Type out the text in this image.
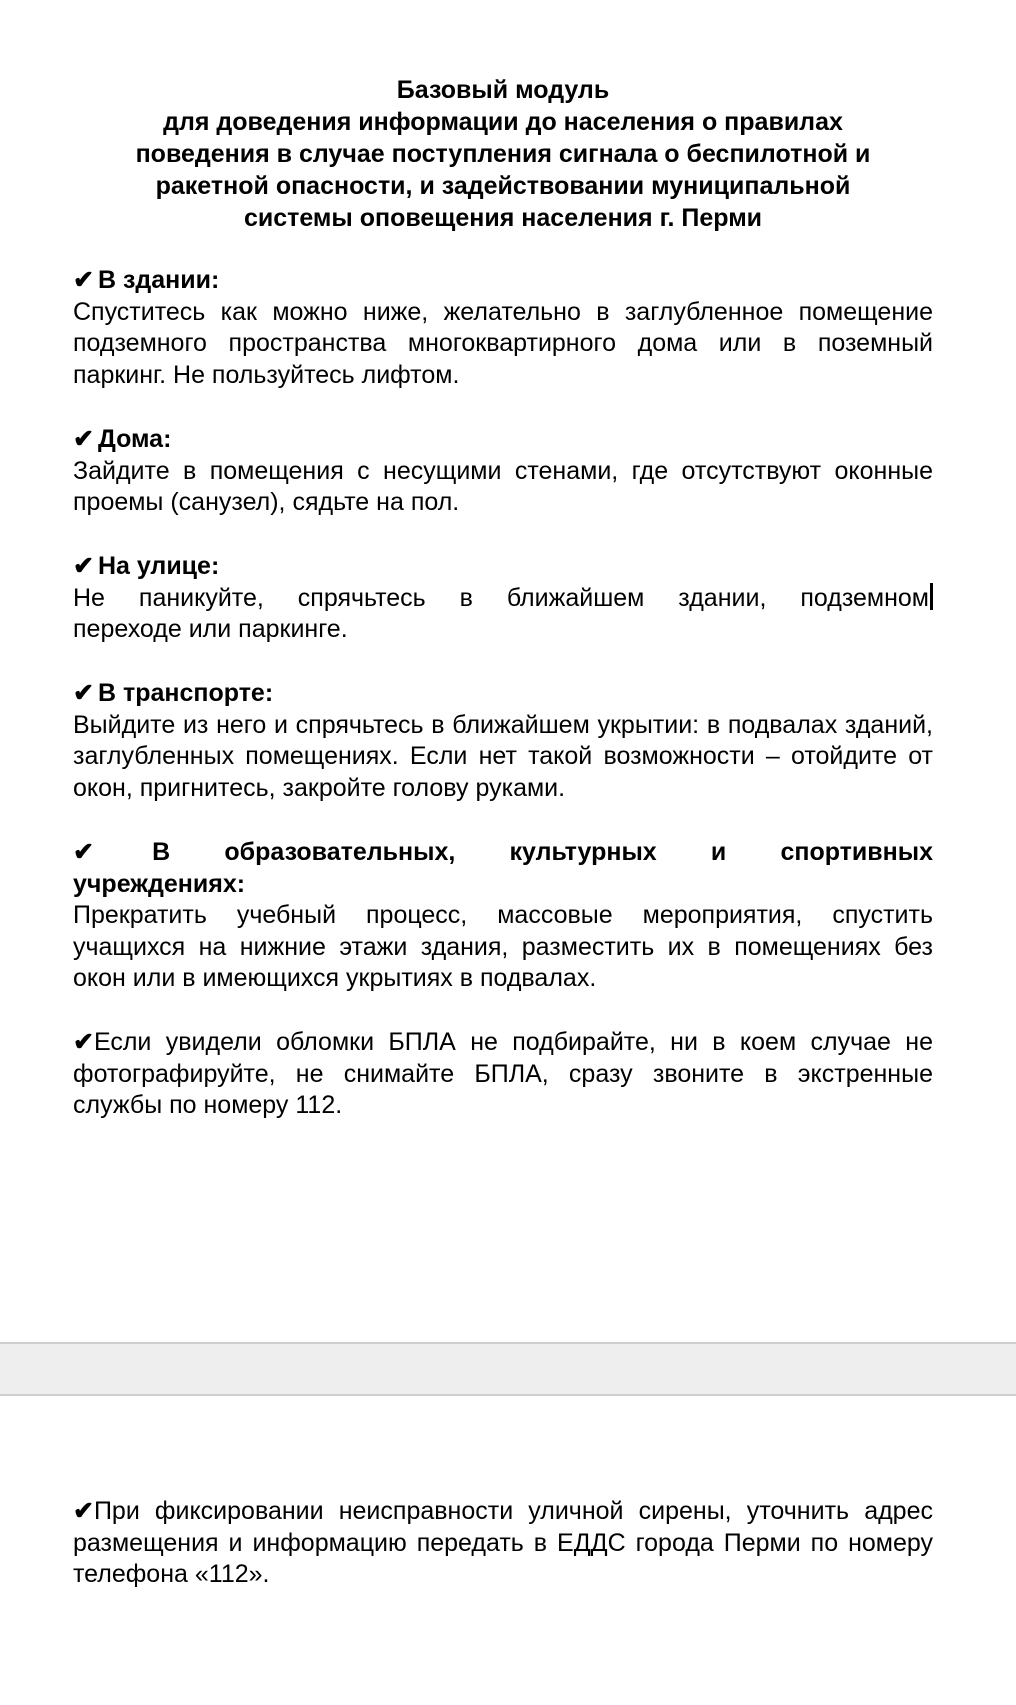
Базовый модуль
для доведения информации до населения о правилах
поведения в случае поступления сигнала о беспилотной и
ракетной опасности, и задействовании муниципальной
системы оповещения населения г. Перми
✔ В здании:
Спуститесь как можно ниже, желательно в заглубленное помещение подземного пространства многоквартирного дома или в поземный паркинг. Не пользуйтесь лифтом.
✔ Дома:
Зайдите в помещения с несущими стенами, где отсутствуют оконные проемы (санузел), сядьте на пол.
✔ На улице:
Не паникуйте, спрячьтесь в ближайшем здании, подземном
переходе или паркинге.
✔ В транспорте:
Выйдите из него и спрячьтесь в ближайшем укрытии: в подвалах зданий, заглубленных помещениях. Если нет такой возможности – отойдите от окон, пригнитесь, закройте голову руками.
✔ В образовательных, культурных и спортивных
учреждениях:
Прекратить учебный процесс, массовые мероприятия, спустить учащихся на нижние этажи здания, разместить их в помещениях без окон или в имеющихся укрытиях в подвалах.
✔Если увидели обломки БПЛА не подбирайте, ни в коем случае не фотографируйте, не снимайте БПЛА, сразу звоните в экстренные службы по номеру 112.
✔При фиксировании неисправности уличной сирены, уточнить адрес размещения и информацию передать в ЕДДС города Перми по номеру телефона «112».
